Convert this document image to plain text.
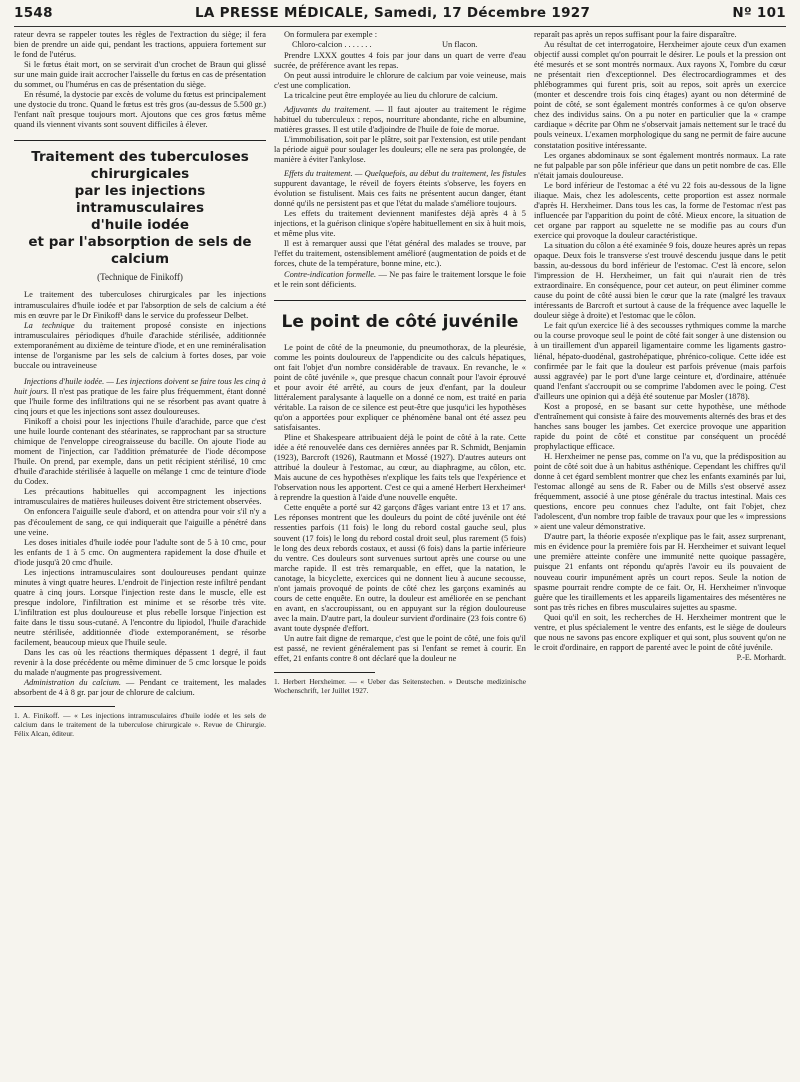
1548	LA PRESSE MÉDICALE, Samedi, 17 Décembre 1927	Nº 101

rateur devra se rappeler toutes les règles de l'extraction du siège; il fera bien de prendre un aide qui, pendant les tractions, appuiera fortement sur le fond de l'utérus.

Si le fœtus était mort, on se servirait d'un crochet de Braun qui glissé sur une main guide irait accrocher l'aisselle du fœtus en cas de présentation du sommet, ou l'humérus en cas de présentation du siège.

En résumé, la dystocie par excès de volume du fœtus est principalement une dystocie du tronc. Quand le fœtus est très gros (au-dessus de 5.500 gr.) l'enfant naît presque toujours mort. Ajoutons que ces gros fœtus même quand ils viennent vivants sont souvent difficiles à élever.

Traitement des tuberculoses chirurgicales
par les injections intramusculaires
d'huile iodée
et par l'absorption de sels de calcium
(Technique de Finikoff)

Le traitement des tuberculoses chirurgicales par les injections intramusculaires d'huile iodée et par l'absorption de sels de calcium a été mis en œuvre par le Dr Finikoff¹ dans le service du professeur Delbet.

La technique du traitement proposé consiste en injections intramusculaires périodiques d'huile d'arachide stérilisée, additionnée extemporanément au dixième de teinture d'iode, et en une reminéralisation intense de l'organisme par les sels de calcium à fortes doses, par voie buccale ou intraveineuse

Injections d'huile iodée. — Les injections doivent se faire tous les cinq à huit jours. Il n'est pas pratique de les faire plus fréquemment, étant donné que l'huile forme des infiltrations qui ne se résorbent pas avant quatre à cinq jours et que les injections sont assez douloureuses.

Finikoff a choisi pour les injections l'huile d'arachide, parce que c'est une huile lourde contenant des stéarinates, se rapprochant par sa structure chimique de l'enveloppe cireograisseuse du bacille. On ajoute l'iode au moment de l'injection, car l'addition prématurée de l'iode décompose l'huile. On prend, par exemple, dans un petit récipient stérilisé, 10 cmc d'huile d'arachide stérilisée à laquelle on mélange 1 cmc de teinture d'iode du Codex.

Les précautions habituelles qui accompagnent les injections intramusculaires de matières huileuses doivent être strictement observées.

On enfoncera l'aiguille seule d'abord, et on attendra pour voir s'il n'y a pas d'écoulement de sang, ce qui indiquerait que l'aiguille a pénétré dans une veine.

Les doses initiales d'huile iodée pour l'adulte sont de 5 à 10 cmc, pour les enfants de 1 à 5 cmc. On augmentera rapidement la dose d'huile et d'iode jusqu'à 20 cmc d'huile.

Les injections intramusculaires sont douloureuses pendant quinze minutes à vingt quatre heures. L'endroit de l'injection reste infiltré pendant quatre à cinq jours. Lorsque l'injection reste dans le muscle, elle est presque indolore, l'infiltration est minime et se résorbe très vite. L'infiltration est plus douloureuse et plus rebelle lorsque l'injection est faite dans le tissu sous-cutané. A l'encontre du lipiodol, l'huile d'arachide neutre stérilisée, additionnée d'iode extemporanément, se résorbe facilement, beaucoup mieux que l'huile seule.

Dans les cas où les réactions thermiques dépassent 1 degré, il faut revenir à la dose précédente ou même diminuer de 5 cmc lorsque le poids du malade n'augmente pas progressivement.

Administration du calcium. — Pendant ce traitement, les malades absorbent de 4 à 8 gr. par jour de chlorure de calcium.

1. A. Finikoff. — « Les injections intramusculaires d'huile iodée et les sels de calcium dans le traitement de la tuberculose chirurgicale ». Revue de Chirurgie. Félix Alcan, éditeur.

On formulera par exemple :

Chloro-calcion . . . . . . .	Un flacon.

Prendre LXXX gouttes 4 fois par jour dans un quart de verre d'eau sucrée, de préférence avant les repas.

On peut aussi introduire le chlorure de calcium par voie veineuse, mais c'est une complication.

La tricalcine peut être employée au lieu du chlorure de calcium.

Adjuvants du traitement. — Il faut ajouter au traitement le régime habituel du tuberculeux : repos, nourriture abondante, riche en albumine, matières grasses. Il est utile d'adjoindre de l'huile de foie de morue.

L'immobilisation, soit par le plâtre, soit par l'extension, est utile pendant la période aiguë pour soulager les douleurs; elle ne sera pas prolongée, de manière à éviter l'ankylose.

Effets du traitement. — Quelquefois, au début du traitement, les fistules suppurent davantage, le réveil de foyers éteints s'observe, les foyers en évolution se fistulisent. Mais ces faits ne présentent aucun danger, étant donné qu'ils ne persistent pas et que l'état du malade s'améliore toujours.

Les effets du traitement deviennent manifestes déjà après 4 à 5 injections, et la guérison clinique s'opère habituellement en six à huit mois, et même plus vite.

Il est à remarquer aussi que l'état général des malades se trouve, par l'effet du traitement, ostensiblement amélioré (augmentation de poids et de forces, chute de la température, bonne mine, etc.).

Contre-indication formelle. — Ne pas faire le traitement lorsque le foie et le rein sont déficients.

Le point de côté juvénile

Le point de côté de la pneumonie, du pneumothorax, de la pleurésie, comme les points douloureux de l'appendicite ou des calculs hépatiques, ont fait l'objet d'un nombre considérable de travaux. En revanche, le « point de côté juvénile », que presque chacun connaît pour l'avoir éprouvé et pour avoir été arrêté, au cours de jeux d'enfant, par la douleur littéralement paralysante à laquelle on a donné ce nom, est traité en paria véritable. La raison de ce silence est peut-être que jusqu'ici les hypothèses qu'on a apportées pour expliquer ce phénomène banal ont été assez peu satisfaisantes.

Pline et Shakespeare attribuaient déjà le point de côté à la rate. Cette idée a été renouvelée dans ces dernières années par R. Schmidt, Benjamin (1923), Barcroft (1926), Rautmann et Mossé (1927). D'autres auteurs ont attribué la douleur à l'estomac, au cœur, au diaphragme, au côlon, etc. Mais aucune de ces hypothèses n'explique les faits tels que l'expérience et l'observation nous les apportent. C'est ce qui a amené Herbert Herxheimer¹ à reprendre la question à l'aide d'une nouvelle enquête.

Cette enquête a porté sur 42 garçons d'âges variant entre 13 et 17 ans. Les réponses montrent que les douleurs du point de côté juvénile ont été ressenties parfois (11 fois) le long du rebord costal gauche seul, plus souvent (17 fois) le long du rebord costal droit seul, plus rarement (5 fois) le long des deux rebords costaux, et aussi (6 fois) dans la partie inférieure du ventre. Ces douleurs sont survenues surtout après une course ou une marche rapide. Il est très remarquable, en effet, que la natation, le canotage, la bicyclette, exercices qui ne donnent lieu à aucune secousse, n'ont jamais provoqué de points de côté chez les garçons examinés au cours de cette enquête. En outre, la douleur est améliorée en se penchant en avant, en s'accroupissant, ou en appuyant sur la région douloureuse avec la main. D'autre part, la douleur survient d'ordinaire (23 fois contre 6) avant toute dyspnée d'effort.

Un autre fait digne de remarque, c'est que le point de côté, une fois qu'il est passé, ne revient généralement pas si l'enfant se remet à courir. En effet, 21 enfants contre 8 ont déclaré que la douleur ne

1. Herbert Herxheimer. — « Ueber das Seitenstechen. » Deutsche medizinische Wochenschrift, 1er Juillet 1927.

reparaît pas après un repos suffisant pour la faire disparaître.

Au résultat de cet interrogatoire, Herxheimer ajoute ceux d'un examen objectif aussi complet qu'on pourrait le désirer. Le pouls et la pression ont été mesurés et se sont montrés normaux. Aux rayons X, l'ombre du cœur ne présentait rien d'exceptionnel. Des électrocardiogrammes et des phlébogrammes qui furent pris, soit au repos, soit après un exercice (monter et descendre trois fois cinq étages) ayant ou non déterminé de point de côté, se sont également montrés conformes à ce qu'on observe chez des individus sains. On a pu noter en particulier que la « crampe cardiaque » décrite par Ohm ne s'observait jamais nettement sur le tracé du pouls veineux. L'examen morphologique du sang ne permit de faire aucune constatation positive intéressante.

Les organes abdominaux se sont également montrés normaux. La rate ne fut palpable par son pôle inférieur que dans un petit nombre de cas. Elle n'était jamais douloureuse.

Le bord inférieur de l'estomac a été vu 22 fois au-dessous de la ligne iliaque. Mais, chez les adolescents, cette proportion est assez normale d'après H. Herxheimer. Dans tous les cas, la forme de l'estomac n'est pas influencée par l'apparition du point de côté. Mieux encore, la situation de cet organe par rapport au squelette ne se modifie pas au cours d'un exercice qui provoque la douleur caractéristique.

La situation du côlon a été examinée 9 fois, douze heures après un repas opaque. Deux fois le transverse s'est trouvé descendu jusque dans le petit bassin, au-dessous du bord inférieur de l'estomac. C'est là encore, selon l'impression de H. Herxheimer, un fait qui n'aurait rien de très extraordinaire. En conséquence, pour cet auteur, on peut éliminer comme cause du point de côté aussi bien le cœur que la rate (malgré les travaux intéressants de Barcroft et surtout à cause de la fréquence avec laquelle le douleur siège à droite) et l'estomac que le côlon.

Le fait qu'un exercice lié à des secousses rythmiques comme la marche ou la course provoque seul le point de côté fait songer à une distension ou à un tiraillement d'un appareil ligamentaire comme les ligaments gastro-liénal, hépato-duodénal, gastrohépatique, phrénico-colique. Cette idée est confirmée par le fait que la douleur est parfois prévenue (mais parfois aussi aggravée) par le port d'une large ceinture et, d'ordinaire, atténuée quand l'enfant s'accroupit ou se comprime l'abdomen avec le poing. C'est d'ailleurs une opinion qui a déjà été soutenue par Mosler (1878).

Kost a proposé, en se basant sur cette hypothèse, une méthode d'entraînement qui consiste à faire des mouvements alternés des bras et des hanches sans bouger les jambes. Cet exercice provoque une apparition rapide du point de côté et constitue par conséquent un procédé prophylactique efficace.

H. Herxheimer ne pense pas, comme on l'a vu, que la prédisposition au point de côté soit due à un habitus asthénique. Cependant les chiffres qu'il donne à cet égard semblent montrer que chez les enfants examinés par lui, l'estomac allongé au sens de R. Faber ou de Mills s'est observé assez fréquemment, associé à une ptose générale du tractus intestinal. Mais ces questions, encore peu connues chez l'adulte, ont fait l'objet, chez l'adolescent, d'un nombre trop faible de travaux pour que les « impressions » aient une valeur démonstrative.

D'autre part, la théorie exposée n'explique pas le fait, assez surprenant, mis en évidence pour la première fois par H. Herxheimer et suivant lequel une première atteinte confère une immunité nette quoique passagère, puisque 21 enfants ont répondu qu'après l'avoir eu ils pouvaient de nouveau courir impunément après un court repos. Seule la notion de spasme pourrait rendre compte de ce fait. Or, H. Herxheimer n'invoque guère que les tiraillements et les appareils ligamentaires des mésentères ne sont pas très riches en fibres musculaires sujettes au spasme.

Quoi qu'il en soit, les recherches de H. Herxheimer montrent que le ventre, et plus spécialement le ventre des enfants, est le siège de douleurs que nous ne savons pas encore expliquer et qui sont, plus souvent qu'on ne le croit d'ordinaire, en rapport de parenté avec le point de côté juvénile.

P.-E. Morhardt.
